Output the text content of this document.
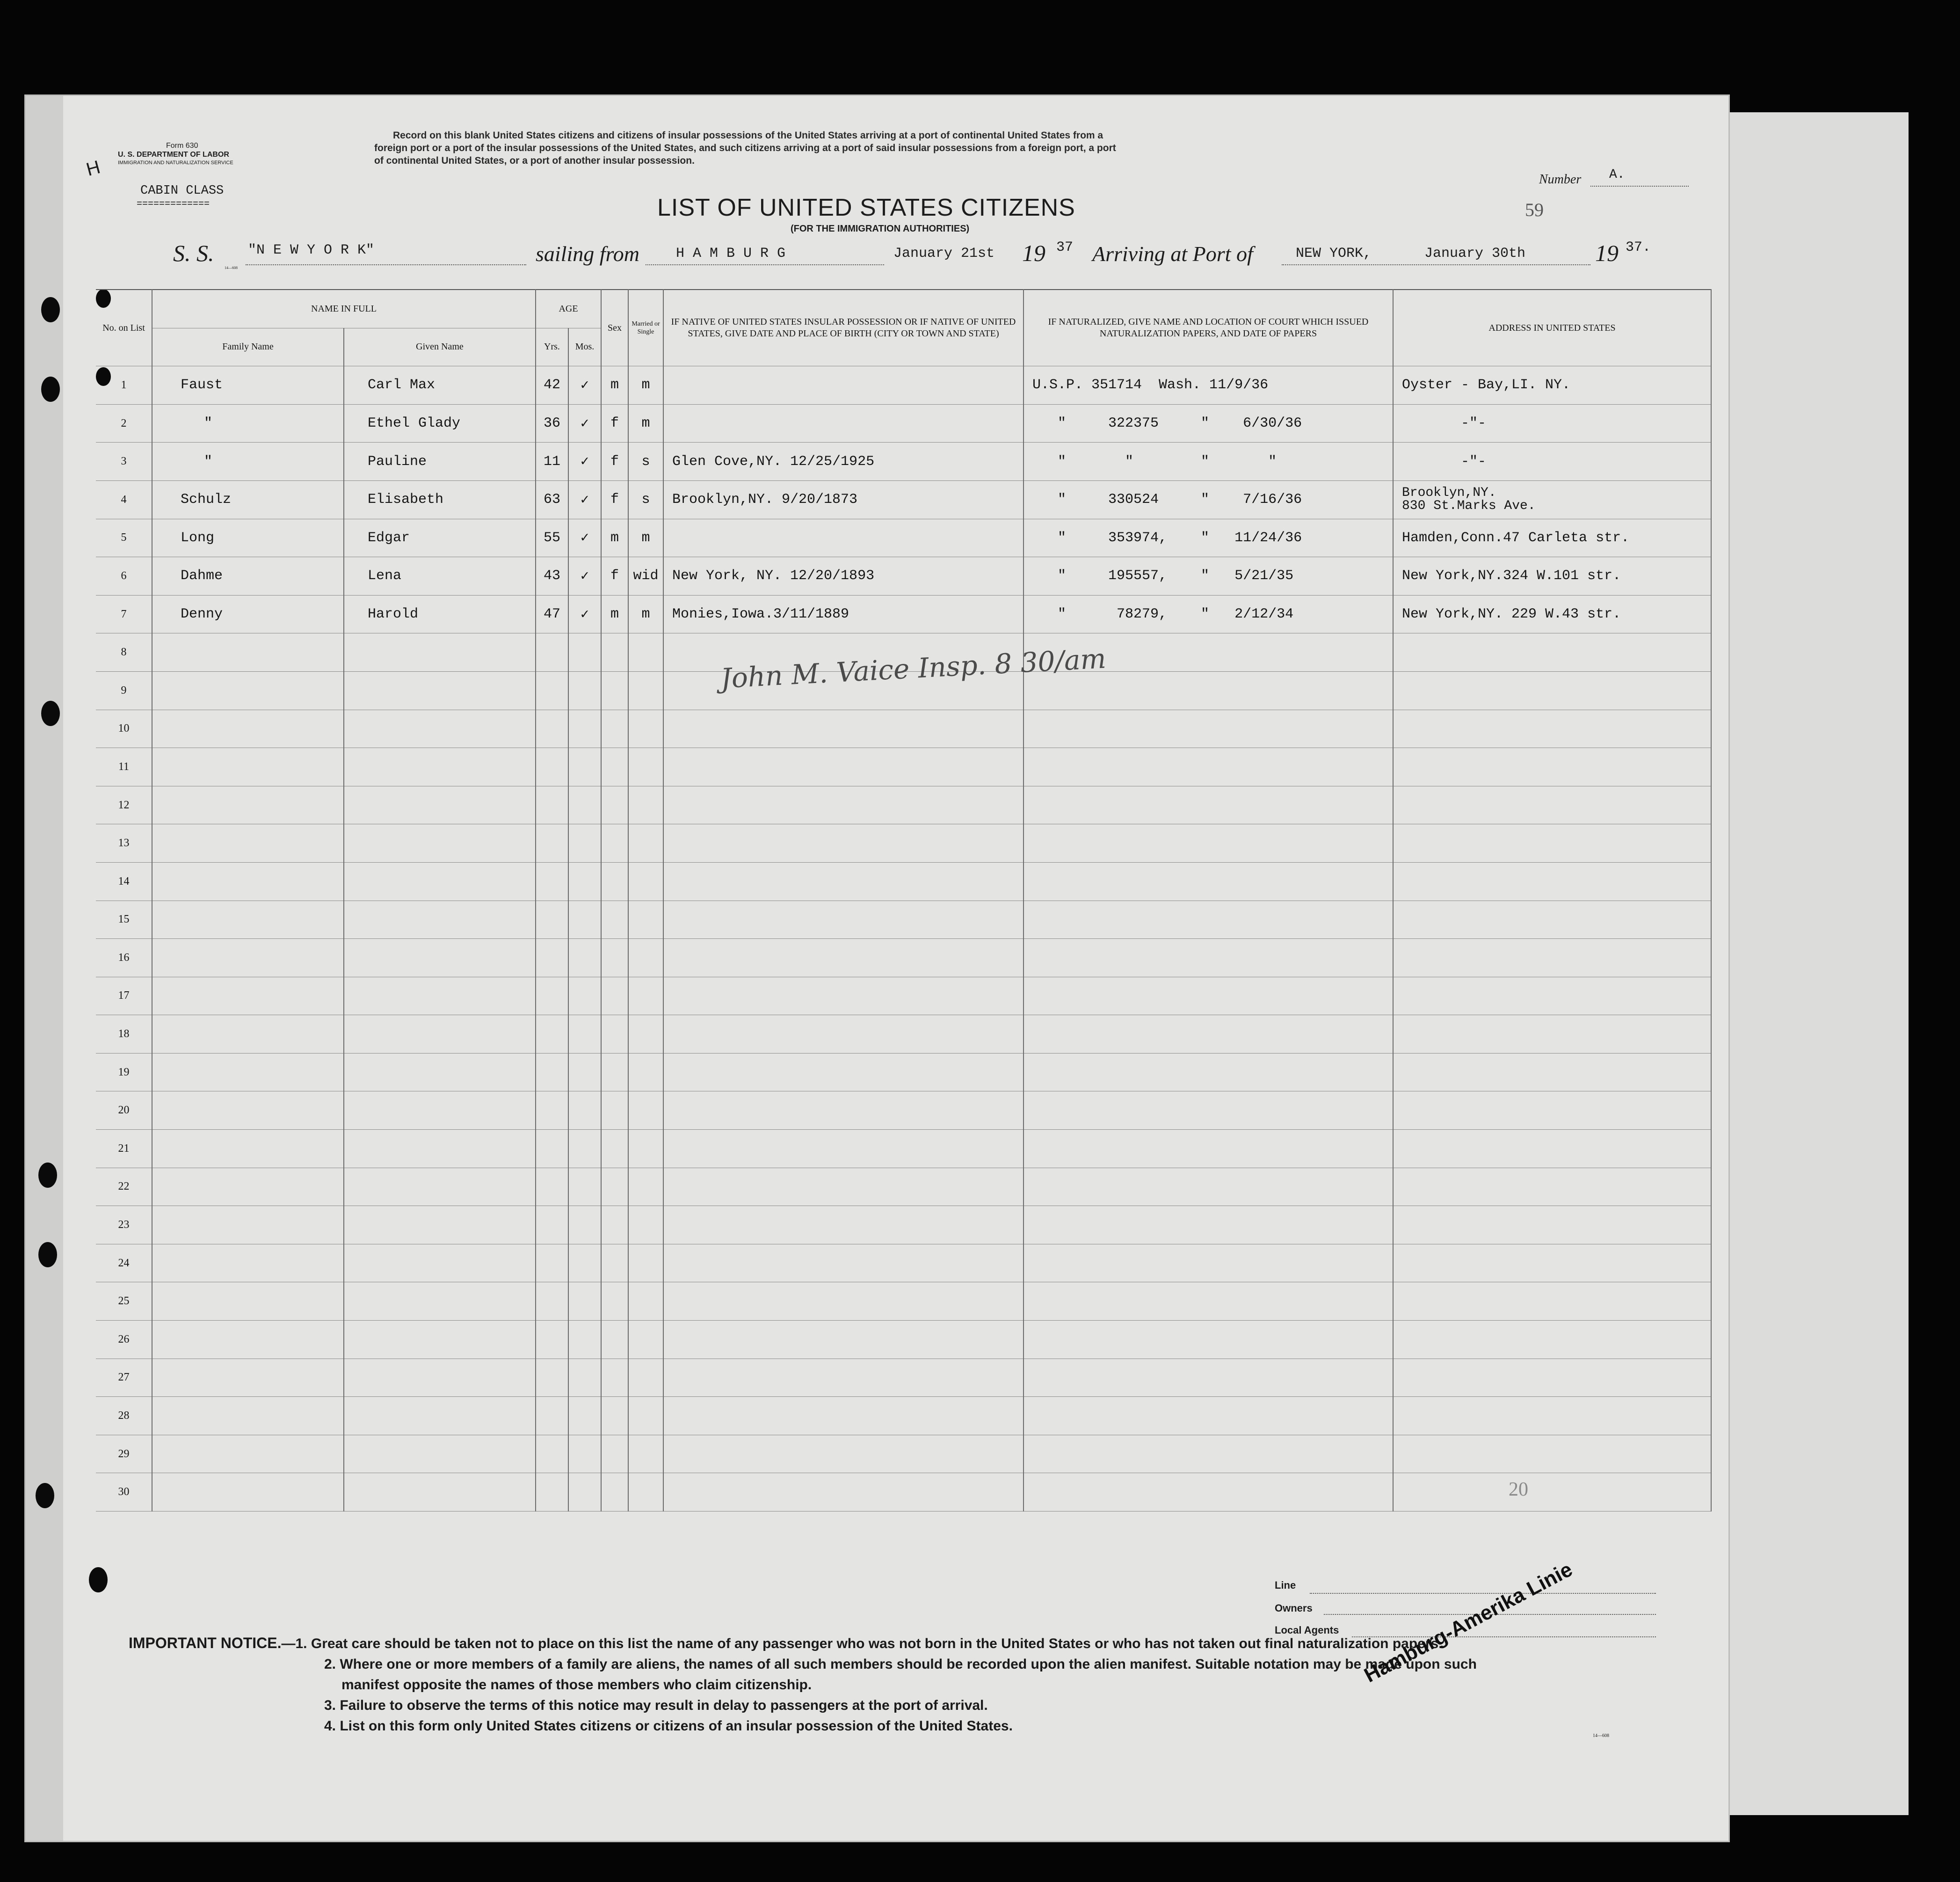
H
Form 630
U. S. DEPARTMENT OF LABOR
IMMIGRATION AND NATURALIZATION SERVICE
CABIN CLASS
=============
Record on this blank United States citizens and citizens of insular possessions of the United States arriving at a port of continental United States from a
foreign port or a port of the insular possessions of the United States, and such citizens arriving at a port of said insular possessions from a foreign port, a port
of continental United States, or a port of another insular possession.
LIST OF UNITED STATES CITIZENS
(FOR THE IMMIGRATION AUTHORITIES)
Number A.
59
S. S. "N E W Y O R K"
14—608
sailing from	H A M B U R G	January 21st 19 37 Arriving at Port of	NEW YORK,	January 30th	19 37.
No. on List	NAME IN FULL		AGE		Sex	Married or Single	IF NATIVE OF UNITED STATES INSULAR POSSESSION OR IF NATIVE OF UNITED STATES, GIVE DATE AND PLACE OF BIRTH (CITY OR TOWN AND STATE)	IF NATURALIZED, GIVE NAME AND LOCATION OF COURT WHICH ISSUED NATURALIZATION PAPERS, AND DATE OF PAPERS	ADDRESS IN UNITED STATES
	Family Name	Given Name	Yrs.	Mos.					
1	Faust	Carl Max	42	✓	m	m		U.S.P. 351714  Wash. 11/9/36	Oyster - Bay,LI. NY.
2	"	Ethel Glady	36	✓	f	m		"     322375     "    6/30/36	-"-
3	"	Pauline	11	✓	f	s	Glen Cove,NY. 12/25/1925	"       "        "       "	-"-
4	Schulz	Elisabeth	63	✓	f	s	Brooklyn,NY. 9/20/1873	"     330524     "    7/16/36	Brooklyn,NY.
830 St.Marks Ave.

5	Long	Edgar	55	✓	m	m		"     353974,    "   11/24/36	Hamden,Conn.47 Carleta str.
6	Dahme	Lena	43	✓	f	wid	New York, NY. 12/20/1893	"     195557,    "   5/21/35	New York,NY.324 W.101 str.
7	Denny	Harold	47	✓	m	m	Monies,Iowa.3/11/1889	"      78279,    "   2/12/34	New York,NY. 229 W.43 str.
8									
9									
10									
11									
12									
13									
14									
15									
16									
17									
18									
19									
20									
21									
22									
23									
24									
25									
26									
27									
28									
29									
30									
John M. Vaice Insp. 8 30/am
20
Line
Owners
Local Agents
IMPORTANT NOTICE.—1. Great care should be taken not to place on this list the name of any passenger who was not born in the United States or who has not taken out final naturalization papers.
2. Where one or more members of a family are aliens, the names of all such members should be recorded upon the alien manifest. Suitable notation may be made upon such
manifest opposite the names of those members who claim citizenship.
3. Failure to observe the terms of this notice may result in delay to passengers at the port of arrival.
4. List on this form only United States citizens or citizens of an insular possession of the United States.
Hamburg-Amerika Linie
14—608
